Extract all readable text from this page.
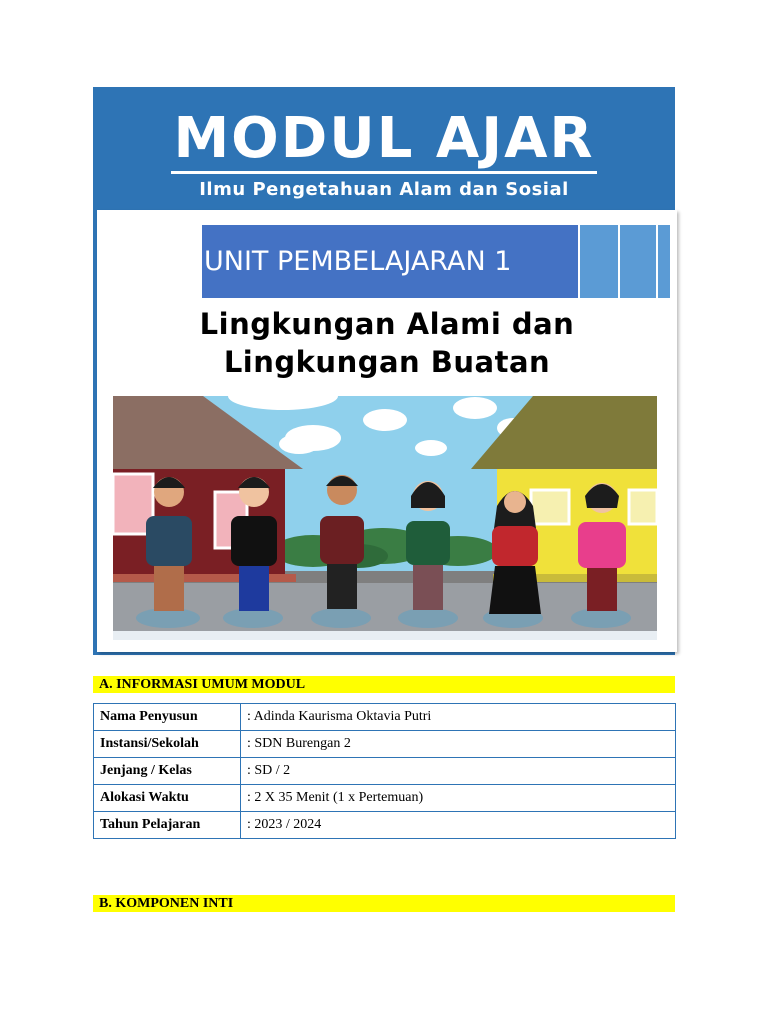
MODUL AJAR
Ilmu Pengetahuan Alam dan Sosial
UNIT PEMBELAJARAN 1
Lingkungan Alami dan
Lingkungan Buatan
A. INFORMASI UMUM MODUL
Nama Penyusun	: Adinda Kaurisma Oktavia Putri
Instansi/Sekolah	: SDN Burengan 2
Jenjang / Kelas	: SD / 2
Alokasi Waktu	: 2 X 35 Menit (1 x Pertemuan)
Tahun Pelajaran	: 2023 / 2024
B. KOMPONEN INTI
